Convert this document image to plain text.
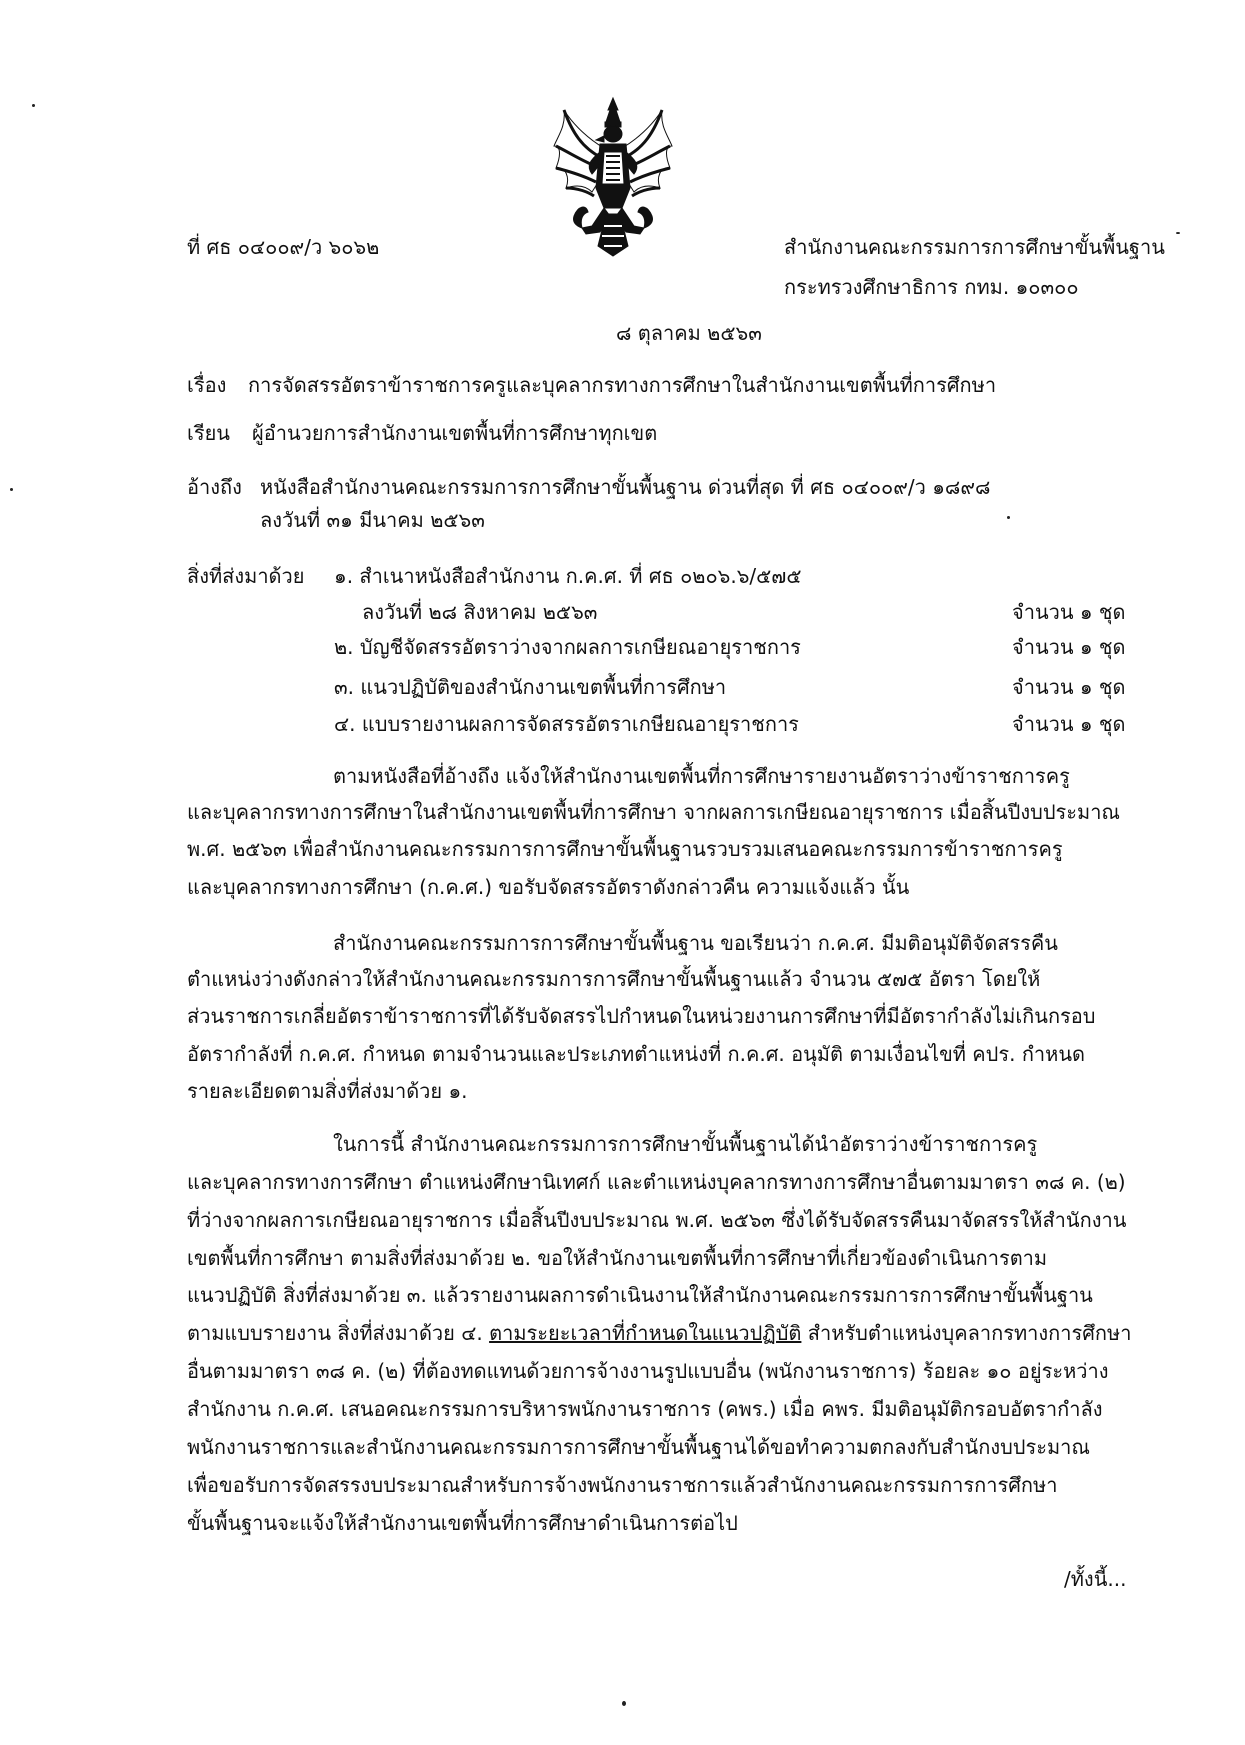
ที่ ศธ ๐๔๐๐๙/ว ๖๐๖๒	สำนักงานคณะกรรมการการศึกษาขั้นพื้นฐาน
กระทรวงศึกษาธิการ กทม. ๑๐๓๐๐
๘ ตุลาคม ๒๕๖๓
เรื่อง การจัดสรรอัตราข้าราชการครูและบุคลากรทางการศึกษาในสำนักงานเขตพื้นที่การศึกษา
เรียน ผู้อำนวยการสำนักงานเขตพื้นที่การศึกษาทุกเขต
อ้างถึง หนังสือสำนักงานคณะกรรมการการศึกษาขั้นพื้นฐาน ด่วนที่สุด ที่ ศธ ๐๔๐๐๙/ว ๑๘๙๘
ลงวันที่ ๓๑ มีนาคม ๒๕๖๓
สิ่งที่ส่งมาด้วย ๑. สำเนาหนังสือสำนักงาน ก.ค.ศ. ที่ ศธ ๐๒๐๖.๖/๕๗๕
ลงวันที่ ๒๘ สิงหาคม ๒๕๖๓	จำนวน ๑ ชุด
๒. บัญชีจัดสรรอัตราว่างจากผลการเกษียณอายุราชการ	จำนวน ๑ ชุด
๓. แนวปฏิบัติของสำนักงานเขตพื้นที่การศึกษา	จำนวน ๑ ชุด
๔. แบบรายงานผลการจัดสรรอัตราเกษียณอายุราชการ	จำนวน ๑ ชุด
ตามหนังสือที่อ้างถึง แจ้งให้สำนักงานเขตพื้นที่การศึกษารายงานอัตราว่างข้าราชการครู
และบุคลากรทางการศึกษาในสำนักงานเขตพื้นที่การศึกษา จากผลการเกษียณอายุราชการ เมื่อสิ้นปีงบประมาณ
พ.ศ. ๒๕๖๓ เพื่อสำนักงานคณะกรรมการการศึกษาขั้นพื้นฐานรวบรวมเสนอคณะกรรมการข้าราชการครู
และบุคลากรทางการศึกษา (ก.ค.ศ.) ขอรับจัดสรรอัตราดังกล่าวคืน ความแจ้งแล้ว นั้น
สำนักงานคณะกรรมการการศึกษาขั้นพื้นฐาน ขอเรียนว่า ก.ค.ศ. มีมติอนุมัติจัดสรรคืน
ตำแหน่งว่างดังกล่าวให้สำนักงานคณะกรรมการการศึกษาขั้นพื้นฐานแล้ว จำนวน ๕๗๕ อัตรา โดยให้
ส่วนราชการเกลี่ยอัตราข้าราชการที่ได้รับจัดสรรไปกำหนดในหน่วยงานการศึกษาที่มีอัตรากำลังไม่เกินกรอบ
อัตรากำลังที่ ก.ค.ศ. กำหนด ตามจำนวนและประเภทตำแหน่งที่ ก.ค.ศ. อนุมัติ ตามเงื่อนไขที่ คปร. กำหนด
รายละเอียดตามสิ่งที่ส่งมาด้วย ๑.
ในการนี้ สำนักงานคณะกรรมการการศึกษาขั้นพื้นฐานได้นำอัตราว่างข้าราชการครู
และบุคลากรทางการศึกษา ตำแหน่งศึกษานิเทศก์ และตำแหน่งบุคลากรทางการศึกษาอื่นตามมาตรา ๓๘ ค. (๒)
ที่ว่างจากผลการเกษียณอายุราชการ เมื่อสิ้นปีงบประมาณ พ.ศ. ๒๕๖๓ ซึ่งได้รับจัดสรรคืนมาจัดสรรให้สำนักงาน
เขตพื้นที่การศึกษา ตามสิ่งที่ส่งมาด้วย ๒. ขอให้สำนักงานเขตพื้นที่การศึกษาที่เกี่ยวข้องดำเนินการตาม
แนวปฏิบัติ สิ่งที่ส่งมาด้วย ๓. แล้วรายงานผลการดำเนินงานให้สำนักงานคณะกรรมการการศึกษาขั้นพื้นฐาน
ตามแบบรายงาน สิ่งที่ส่งมาด้วย ๔. ตามระยะเวลาที่กำหนดในแนวปฏิบัติ สำหรับตำแหน่งบุคลากรทางการศึกษา
อื่นตามมาตรา ๓๘ ค. (๒) ที่ต้องทดแทนด้วยการจ้างงานรูปแบบอื่น (พนักงานราชการ) ร้อยละ ๑๐ อยู่ระหว่าง
สำนักงาน ก.ค.ศ. เสนอคณะกรรมการบริหารพนักงานราชการ (คพร.) เมื่อ คพร. มีมติอนุมัติกรอบอัตรากำลัง
พนักงานราชการและสำนักงานคณะกรรมการการศึกษาขั้นพื้นฐานได้ขอทำความตกลงกับสำนักงบประมาณ
เพื่อขอรับการจัดสรรงบประมาณสำหรับการจ้างพนักงานราชการแล้วสำนักงานคณะกรรมการการศึกษา
ขั้นพื้นฐานจะแจ้งให้สำนักงานเขตพื้นที่การศึกษาดำเนินการต่อไป
/ทั้งนี้...
